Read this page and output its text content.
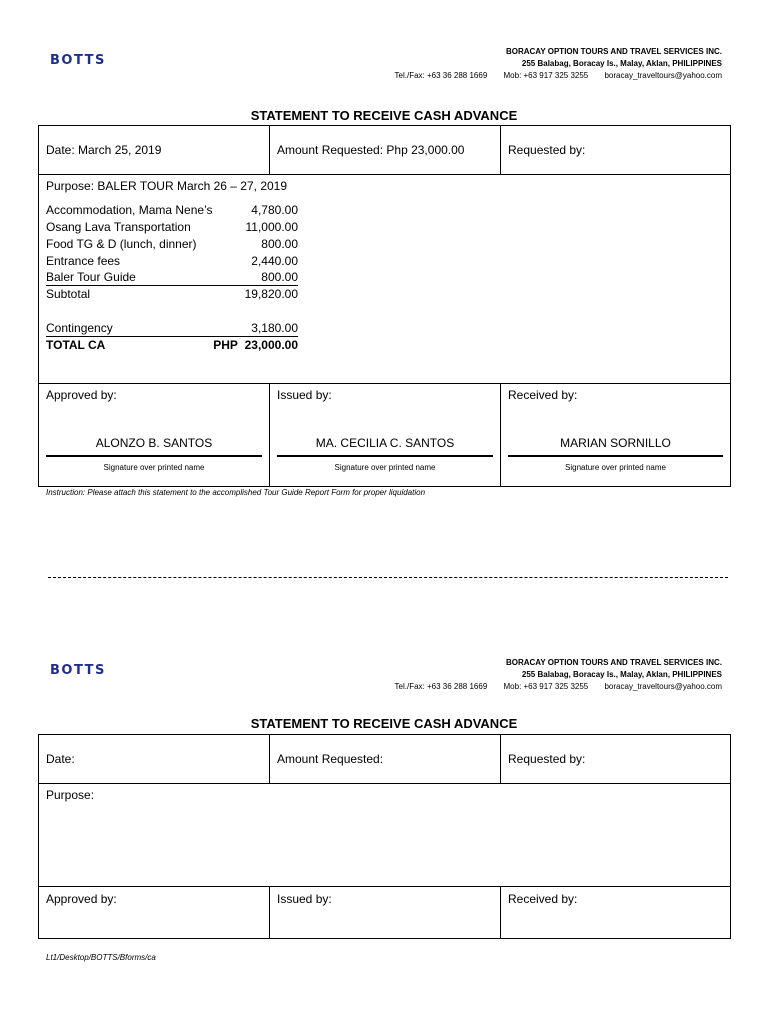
BOTTS
BORACAY OPTION TOURS AND TRAVEL SERVICES INC.
255 Balabag, Boracay Is., Malay, Aklan, PHILIPPINES
Tel./Fax: +63 36 288 1669 Mob: +63 917 325 3255 boracay_traveltours@yahoo.com
STATEMENT TO RECEIVE CASH ADVANCE
Date: March 25, 2019	Amount Requested: Php 23,000.00	Requested by:
Purpose: BALER TOUR March 26 – 27, 2019
Accommodation, Mama Nene’s	4,780.00
Osang Lava Transportation	11,000.00
Food TG & D (lunch, dinner)	800.00
Entrance fees	2,440.00
Baler Tour Guide	800.00
Subtotal	19,820.00
Contingency	3,180.00
TOTAL CA	PHP 23,000.00
Approved by:
ALONZO B. SANTOS
Signature over printed name
Issued by:
MA. CECILIA C. SANTOS
Signature over printed name
Received by:
MARIAN SORNILLO
Signature over printed name
Instruction: Please attach this statement to the accomplished Tour Guide Report Form for proper liquidation
BOTTS
BORACAY OPTION TOURS AND TRAVEL SERVICES INC.
255 Balabag, Boracay Is., Malay, Aklan, PHILIPPINES
Tel./Fax: +63 36 288 1669 Mob: +63 917 325 3255 boracay_traveltours@yahoo.com
STATEMENT TO RECEIVE CASH ADVANCE
Date:	Amount Requested:	Requested by:
Purpose:
Approved by:	Issued by:	Received by:
Lt1/Desktop/BOTTS/Bforms/ca
